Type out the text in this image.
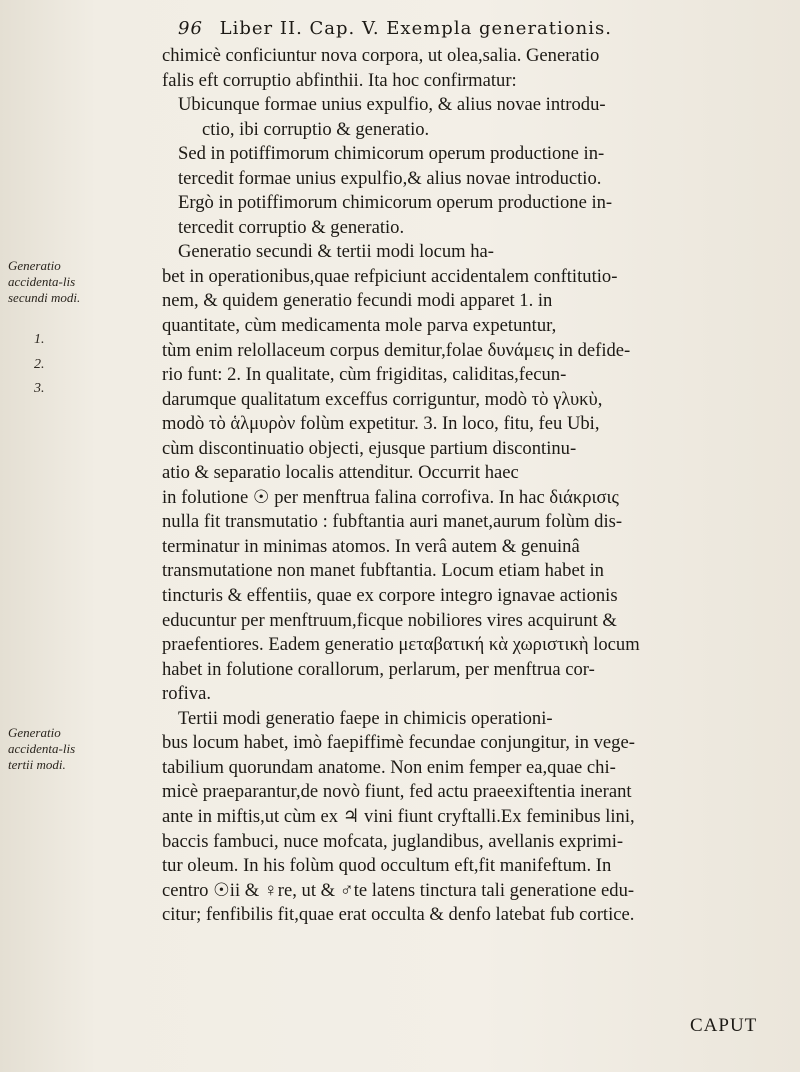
96 Liber II. Cap. V. Exempla generationis.
Generatio accidenta-lis secundi modi.
1.
2.
3.
Generatio accidenta-lis tertii modi.
chimicè conficiuntur nova corpora, ut olea,salia. Generatio
falis eft corruptio abfinthii. Ita hoc confirmatur:
Ubicunque formae unius expulfio, & alius novae introdu-
ctio, ibi corruptio & generatio.
Sed in potiffimorum chimicorum operum productione in-
tercedit formae unius expulfio,& alius novae introductio.
Ergò in potiffimorum chimicorum operum productione in-
tercedit corruptio & generatio.
Generatio secundi & tertii modi locum ha-
bet in operationibus,quae refpiciunt accidentalem conftitutio-
nem, & quidem generatio fecundi modi apparet 1. in
quantitate, cùm medicamenta mole parva expetuntur,
tùm enim relollaceum corpus demitur,folae δυνάμεις in defide-
rio funt: 2. In qualitate, cùm frigiditas, caliditas,fecun-
darumque qualitatum exceffus corriguntur, modò τὸ γλυκὺ,
modò τὸ ἁλμυρὸν folùm expetitur. 3. In loco, fitu, feu Ubi,
cùm discontinuatio objecti, ejusque partium discontinu-
atio & separatio localis attenditur. Occurrit haec
in folutione ☉ per menftrua falina corrofiva. In hac διάκρισις
nulla fit transmutatio : fubftantia auri manet,aurum folùm dis-
terminatur in minimas atomos. In verâ autem & genuinâ
transmutatione non manet fubftantia. Locum etiam habet in
tincturis & effentiis, quae ex corpore integro ignavae actionis
educuntur per menftruum,ficque nobiliores vires acquirunt &
praefentiores. Eadem generatio μεταβατική κὰ χωριστικὴ locum
habet in folutione corallorum, perlarum, per menftrua cor-
rofiva.
Tertii modi generatio faepe in chimicis operationi-
bus locum habet, imò faepiffimè fecundae conjungitur, in vege-
tabilium quorundam anatome. Non enim femper ea,quae chi-
micè praeparantur,de novò fiunt, fed actu praeexiftentia inerant
ante in miftis,ut cùm ex ♃ vini fiunt cryftalli.Ex feminibus lini,
baccis fambuci, nuce mofcata, juglandibus, avellanis exprimi-
tur oleum. In his folùm quod occultum eft,fit manifeftum. In
centro ☉ii & ♀re, ut & ♂te latens tinctura tali generatione edu-
citur; fenfibilis fit,quae erat occulta & denfo latebat fub cortice.
CAPUT
